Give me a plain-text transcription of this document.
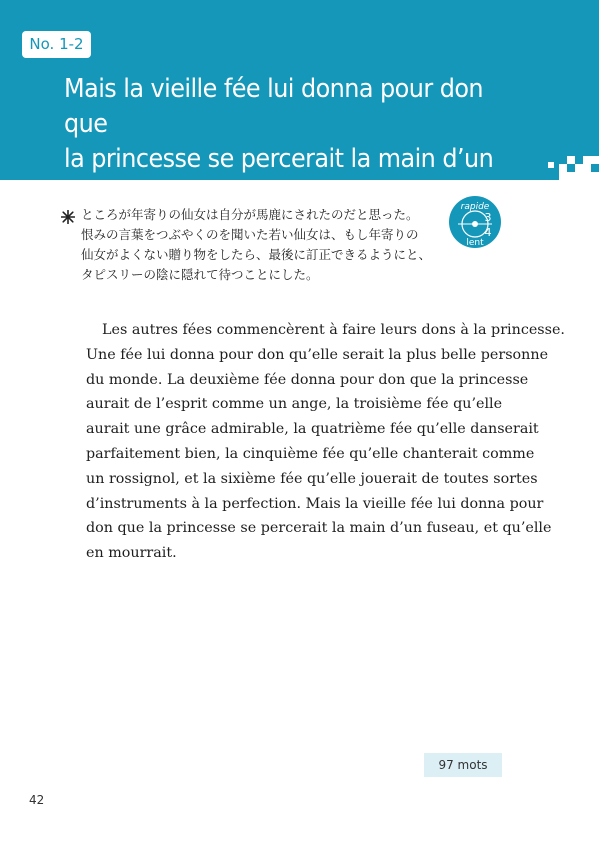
No. 1-2
Mais la vieille fée lui donna pour don que
la princesse se percerait la main d’un
fuseau, et qu’elle en mourrait.
ところが年寄りの仙女は自分が馬鹿にされたのだと思った。
恨みの言葉をつぶやくのを聞いた若い仙女は、もし年寄りの
仙女がよくない贈り物をしたら、最後に訂正できるようにと、
タピスリーの陰に隠れて待つことにした。
rapide
3
4
lent
Les autres fées commencèrent à faire leurs dons à la princesse.
Une fée lui donna pour don qu’elle serait la plus belle personne
du monde. La deuxième fée donna pour don que la princesse
aurait de l’esprit comme un ange, la troisième fée qu’elle
aurait une grâce admirable, la quatrième fée qu’elle danserait
parfaitement bien, la cinquième fée qu’elle chanterait comme
un rossignol, et la sixième fée qu’elle jouerait de toutes sortes
d’instruments à la perfection. Mais la vieille fée lui donna pour
don que la princesse se percerait la main d’un fuseau, et qu’elle
en mourrait.
97 mots
42
